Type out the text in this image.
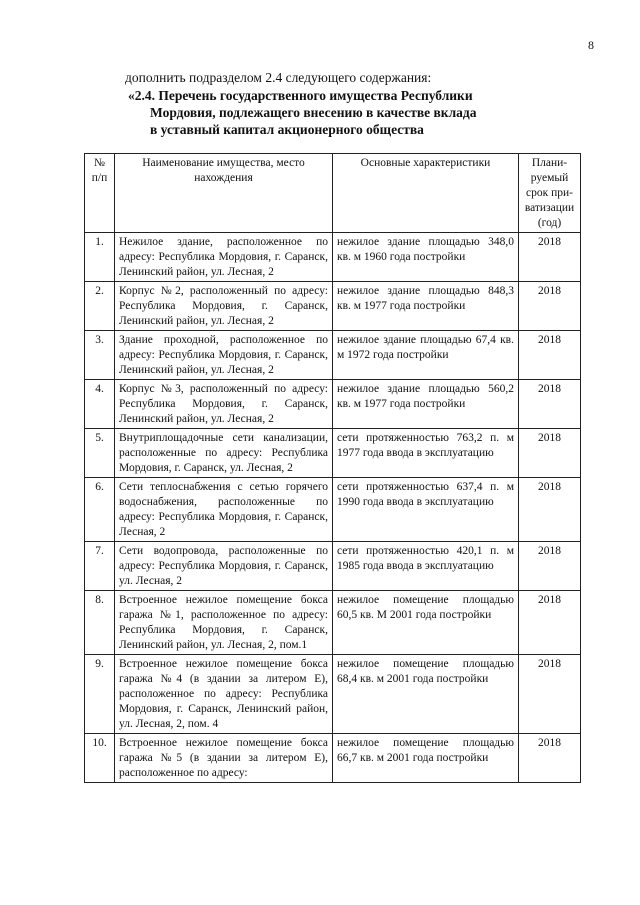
8

дополнить подразделом 2.4 следующего содержания:

«2.4. Перечень государственного имущества Республики
Мордовия, подлежащего внесению в качестве вклада
в уставный капитал акционерного общества
№ п/п	Наименование имущества, место нахождения	Основные характеристики	Плани-руемый срок при-ватизации (год)
1.	Нежилое здание, расположенное по адресу: Республика Мордовия, г. Саранск, Ленинский район, ул. Лесная, 2	нежилое здание площадью 348,0 кв. м 1960 года постройки	2018
2.	Корпус №2, расположенный по адресу: Республика Мордовия, г. Саранск, Ленинский район, ул. Лесная, 2	нежилое здание площадью 848,3 кв. м 1977 года постройки	2018
3.	Здание проходной, расположенное по адресу: Республика Мордовия, г. Саранск, Ленинский район, ул. Лесная, 2	нежилое здание площадью 67,4 кв. м 1972 года постройки	2018
4.	Корпус №3, расположенный по адресу: Республика Мордовия, г. Саранск, Ленинский район, ул. Лесная, 2	нежилое здание площадью 560,2 кв. м 1977 года постройки	2018
5.	Внутриплощадочные сети канализации, расположенные по адресу: Республика Мордовия, г. Саранск, ул. Лесная, 2	сети протяженностью 763,2 п. м 1977 года ввода в эксплуатацию	2018
6.	Сети теплоснабжения с сетью горячего водоснабжения, расположенные по адресу: Республика Мордовия, г. Саранск, Лесная, 2	сети протяженностью 637,4 п. м 1990 года ввода в эксплуатацию	2018
7.	Сети водопровода, расположенные по адресу: Республика Мордовия, г. Саранск, ул. Лесная, 2	сети протяженностью 420,1 п. м 1985 года ввода в эксплуатацию	2018
8.	Встроенное нежилое помещение бокса гаража №1, расположенное по адресу: Республика Мордовия, г. Саранск, Ленинский район, ул. Лесная, 2, пом.1	нежилое помещение площадью 60,5 кв. М 2001 года постройки	2018
9.	Встроенное нежилое помещение бокса гаража №4 (в здании за литером Е), расположенное по адресу: Республика Мордовия, г. Саранск, Ленинский район, ул. Лесная, 2, пом. 4	нежилое помещение площадью 68,4 кв. м 2001 года постройки	2018
10.	Встроенное нежилое помещение бокса гаража №5 (в здании за литером Е), расположенное по адресу:	нежилое помещение площадью 66,7 кв. м 2001 года постройки	2018
